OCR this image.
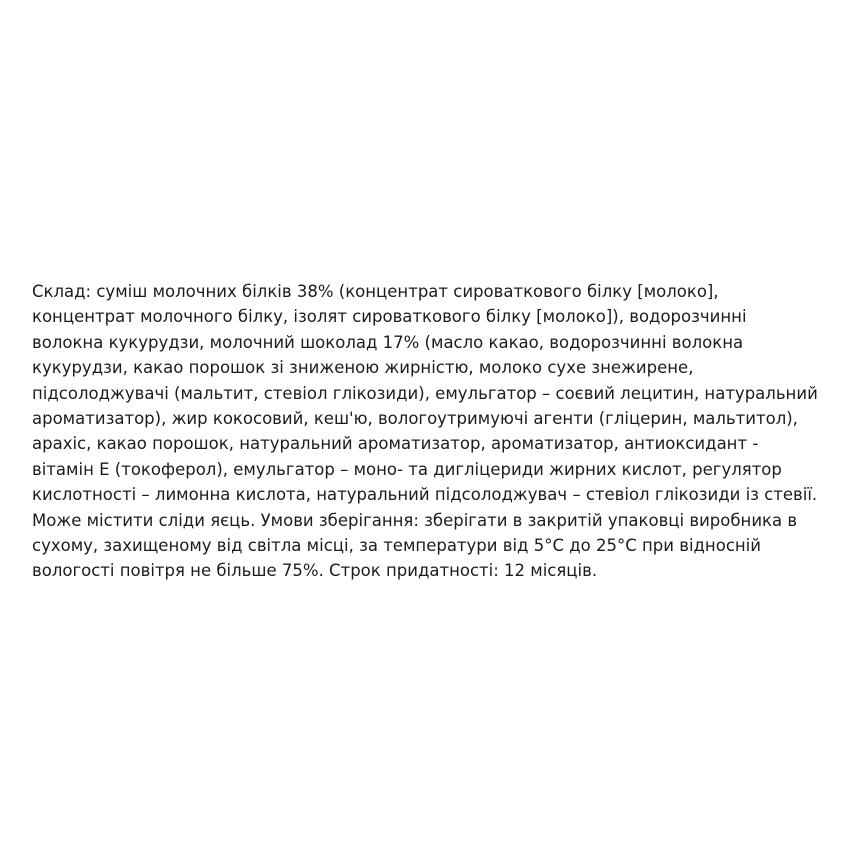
Склад: суміш молочних білків 38% (концентрат сироваткового білку [молоко],
концентрат молочного білку, ізолят сироваткового білку [молоко]), водорозчинні
волокна кукурудзи, молочний шоколад 17% (масло какао, водорозчинні волокна
кукурудзи, какао порошок зі зниженою жирністю, молоко сухе знежирене,
підсолоджувачі (мальтит, стевіол глікозиди), емульгатор – соєвий лецитин, натуральний
ароматизатор), жир кокосовий, кеш'ю, вологоутримуючі агенти (гліцерин, мальтитол),
арахіс, какао порошок, натуральний ароматизатор, ароматизатор, антиоксидант -
вітамін Е (токоферол), емульгатор – моно- та дигліцериди жирних кислот, регулятор
кислотності – лимонна кислота, натуральний підсолоджувач – стевіол глікозиди із стевії.
Може містити сліди яєць. Умови зберігання: зберігати в закритій упаковці виробника в
сухому, захищеному від світла місці, за температури від 5°С до 25°С при відносній
вологості повітря не більше 75%. Строк придатності: 12 місяців.
